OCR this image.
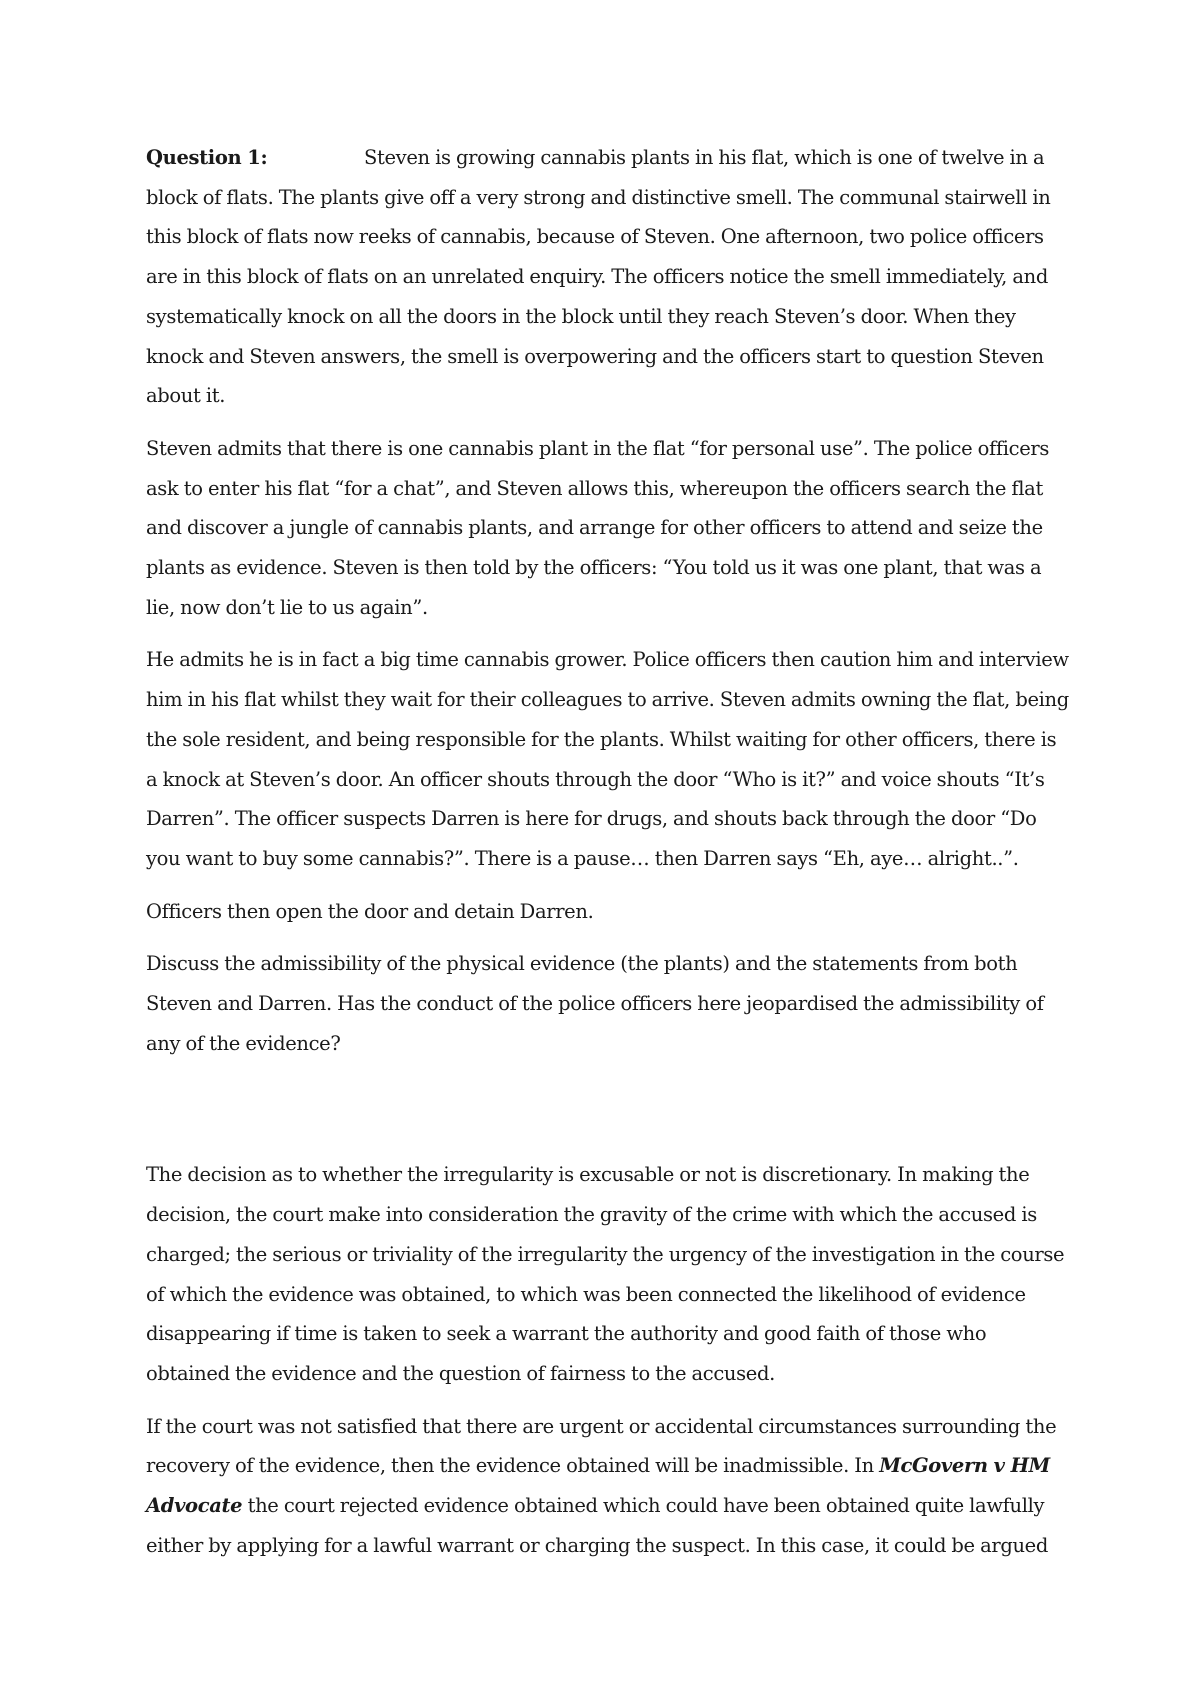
Question 1:	Steven is growing cannabis plants in his flat, which is one of twelve in a block of flats. The plants give off a very strong and distinctive smell. The communal stairwell in this block of flats now reeks of cannabis, because of Steven. One afternoon, two police officers are in this block of flats on an unrelated enquiry. The officers notice the smell immediately, and systematically knock on all the doors in the block until they reach Steven’s door. When they knock and Steven answers, the smell is overpowering and the officers start to question Steven about it.

Steven admits that there is one cannabis plant in the flat “for personal use”. The police officers ask to enter his flat “for a chat”, and Steven allows this, whereupon the officers search the flat and discover a jungle of cannabis plants, and arrange for other officers to attend and seize the plants as evidence. Steven is then told by the officers: “You told us it was one plant, that was a lie, now don’t lie to us again”.

He admits he is in fact a big time cannabis grower. Police officers then caution him and interview him in his flat whilst they wait for their colleagues to arrive. Steven admits owning the flat, being the sole resident, and being responsible for the plants. Whilst waiting for other officers, there is a knock at Steven’s door. An officer shouts through the door “Who is it?” and voice shouts “It’s Darren”. The officer suspects Darren is here for drugs, and shouts back through the door “Do you want to buy some cannabis?”. There is a pause… then Darren says “Eh, aye… alright..”.

Officers then open the door and detain Darren.

Discuss the admissibility of the physical evidence (the plants) and the statements from both Steven and Darren. Has the conduct of the police officers here jeopardised the admissibility of any of the evidence?

The decision as to whether the irregularity is excusable or not is discretionary. In making the decision, the court make into consideration the gravity of the crime with which the accused is charged; the serious or triviality of the irregularity the urgency of the investigation in the course of which the evidence was obtained, to which was been connected the likelihood of evidence disappearing if time is taken to seek a warrant the authority and good faith of those who obtained the evidence and the question of fairness to the accused.

If the court was not satisfied that there are urgent or accidental circumstances surrounding the recovery of the evidence, then the evidence obtained will be inadmissible. In McGovern v HM Advocate the court rejected evidence obtained which could have been obtained quite lawfully either by applying for a lawful warrant or charging the suspect. In this case, it could be argued
